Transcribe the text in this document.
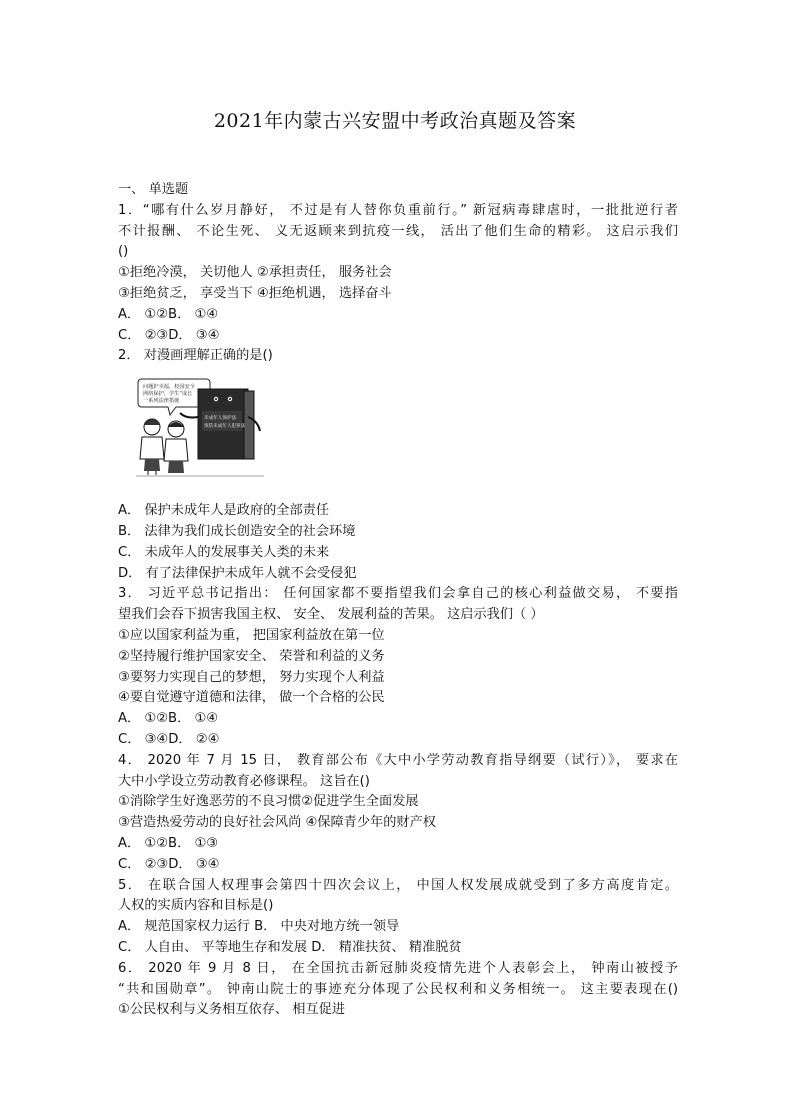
2021年内蒙古兴安盟中考政治真题及答案
一、 单选题
1．“哪有什么岁月静好， 不过是有人替你负重前行。” 新冠病毒肆虐时，一批批逆行者
不计报酬、 不论生死、 义无返顾来到抗疫一线， 活出了他们生命的精彩。 这启示我们
()
①拒绝冷漠， 关切他人 ②承担责任， 服务社会
③拒绝贫乏， 享受当下 ④拒绝机遇， 选择奋斗
A． ①②B． ①④
C． ②③D． ③④
2． 对漫画理解正确的是()
问题护幸福，校园安全
网络保护，学生“成长
一系列法律措施
未成年人保护法
预防未成年人犯罪法
A． 保护未成年人是政府的全部责任
B． 法律为我们成长创造安全的社会环境
C． 未成年人的发展事关人类的未来
D． 有了法律保护未成年人就不会受侵犯
3． 习近平总书记指出： 任何国家都不要指望我们会拿自己的核心利益做交易， 不要指
望我们会吞下损害我国主权、 安全、 发展利益的苦果。 这启示我们（ ）
①应以国家利益为重， 把国家利益放在第一位
②坚持履行维护国家安全、 荣誉和利益的义务
③要努力实现自己的梦想， 努力实现个人利益
④要自觉遵守道德和法律， 做一个合格的公民
A． ①②B． ①④
C． ③④D． ②④
4． 2020 年 7 月 15 日， 教育部公布《大中小学劳动教育指导纲要（试行）》， 要求在
大中小学设立劳动教育必修课程。 这旨在()
①消除学生好逸恶劳的不良习惯②促进学生全面发展
③营造热爱劳动的良好社会风尚 ④保障青少年的财产权
A． ①②B． ①③
C． ②③D． ③④
5． 在联合国人权理事会第四十四次会议上， 中国人权发展成就受到了多方高度肯定。
人权的实质内容和目标是()
A． 规范国家权力运行 B． 中央对地方统一领导
C． 人自由、 平等地生存和发展 D． 精准扶贫、 精准脱贫
6． 2020 年 9 月 8 日， 在全国抗击新冠肺炎疫情先进个人表彰会上， 钟南山被授予
“共和国勋章”。 钟南山院士的事迹充分体现了公民权利和义务相统一。 这主要表现在()
①公民权利与义务相互依存、 相互促进
